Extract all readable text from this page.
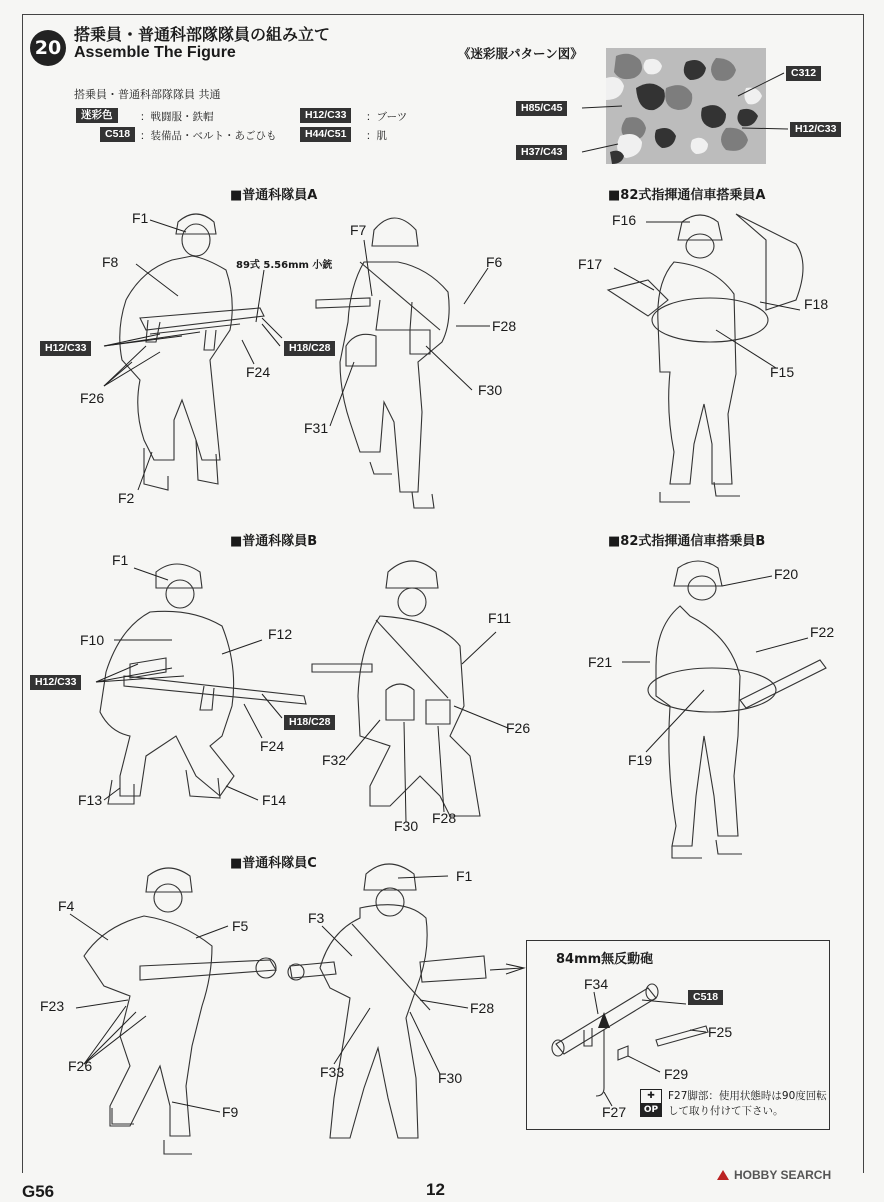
20
搭乗員・普通科部隊隊員の組み立て
Assemble The Figure
搭乗員・普通科部隊隊員 共通
迷彩色	：戦闘服・鉄帽
C518 ：装備品・ベルト・あごひも
H12/C33	：ブーツ
H44/C51	：肌
《迷彩服パターン図》
C312
H85/C45
H12/C33
H37/C43
■普通科隊員A	■82式指揮通信車搭乗員A
■普通科隊員B	■82式指揮通信車搭乗員B
■普通科隊員C
89式 5.56mm 小銃
H12/C33	H18/C28
F1
F8
F24
F26
F2
F7
F6
F28
F30
F31
F16
F17
F18
F15
H12/C33
H18/C28
F1
F10	F12
F24
F13	F14
F11
F26
F32
F30 F28
F20
F22
F21
F19
F4
F5
F23
F26
F9
F1
F3
F28
F33	F30
84mm無反動砲
C518
F34
F25
F29
F27
✚
OP
F27脚部：使用状態時は90度回転して取り付けて下さい。
G56	12
HOBBY SEARCH
